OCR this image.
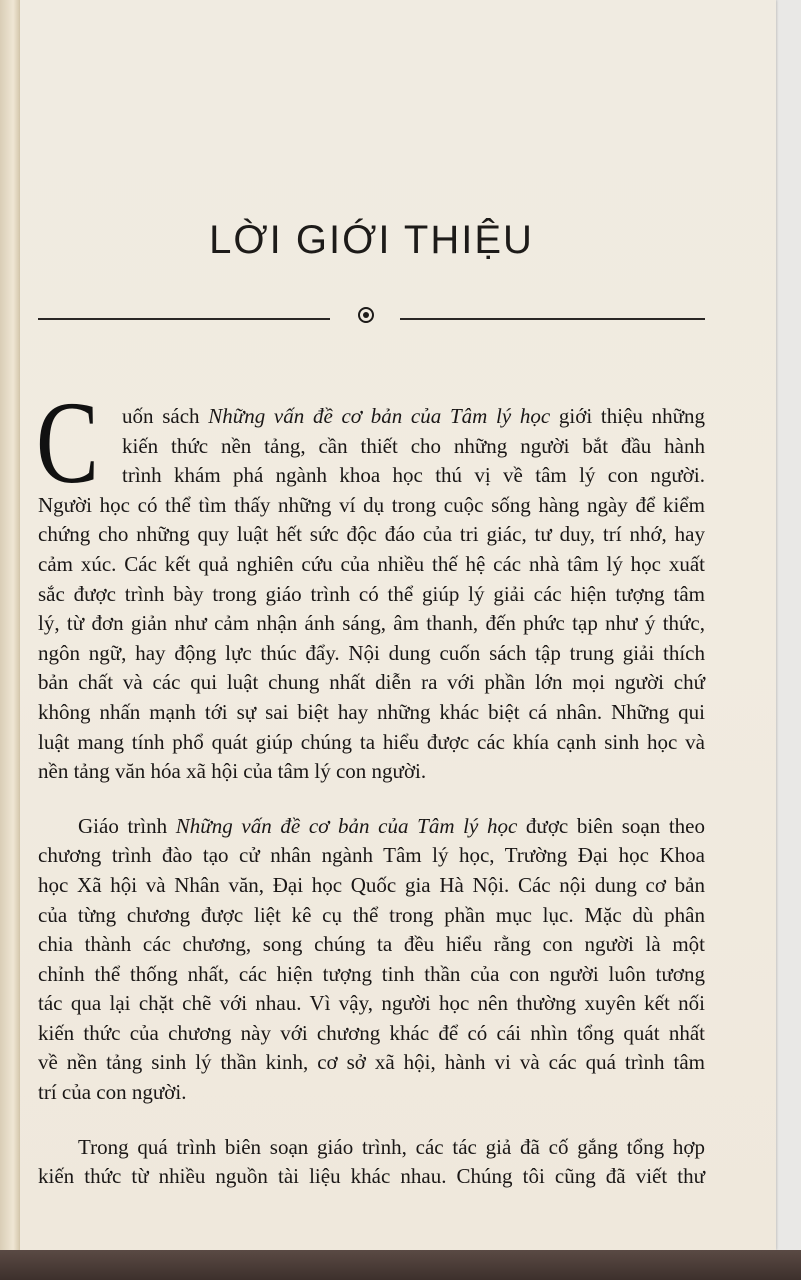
LỜI GIỚI THIỆU
C	uốn sách Những vấn đề cơ bản của Tâm lý học giới thiệu những
kiến thức nền tảng, cần thiết cho những người bắt đầu hành
trình khám phá ngành khoa học thú vị về tâm lý con người.
Người học có thể tìm thấy những ví dụ trong cuộc sống hàng ngày để kiểm
chứng cho những quy luật hết sức độc đáo của tri giác, tư duy, trí nhớ, hay
cảm xúc. Các kết quả nghiên cứu của nhiều thế hệ các nhà tâm lý học xuất
sắc được trình bày trong giáo trình có thể giúp lý giải các hiện tượng tâm
lý, từ đơn giản như cảm nhận ánh sáng, âm thanh, đến phức tạp như ý thức,
ngôn ngữ, hay động lực thúc đẩy. Nội dung cuốn sách tập trung giải thích
bản chất và các qui luật chung nhất diễn ra với phần lớn mọi người chứ
không nhấn mạnh tới sự sai biệt hay những khác biệt cá nhân. Những qui
luật mang tính phổ quát giúp chúng ta hiểu được các khía cạnh sinh học và
nền tảng văn hóa xã hội của tâm lý con người.
Giáo trình Những vấn đề cơ bản của Tâm lý học được biên soạn theo
chương trình đào tạo cử nhân ngành Tâm lý học, Trường Đại học Khoa
học Xã hội và Nhân văn, Đại học Quốc gia Hà Nội. Các nội dung cơ bản
của từng chương được liệt kê cụ thể trong phần mục lục. Mặc dù phân
chia thành các chương, song chúng ta đều hiểu rằng con người là một
chỉnh thể thống nhất, các hiện tượng tinh thần của con người luôn tương
tác qua lại chặt chẽ với nhau. Vì vậy, người học nên thường xuyên kết nối
kiến thức của chương này với chương khác để có cái nhìn tổng quát nhất
về nền tảng sinh lý thần kinh, cơ sở xã hội, hành vi và các quá trình tâm
trí của con người.
Trong quá trình biên soạn giáo trình, các tác giả đã cố gắng tổng hợp
kiến thức từ nhiều nguồn tài liệu khác nhau. Chúng tôi cũng đã viết thư
